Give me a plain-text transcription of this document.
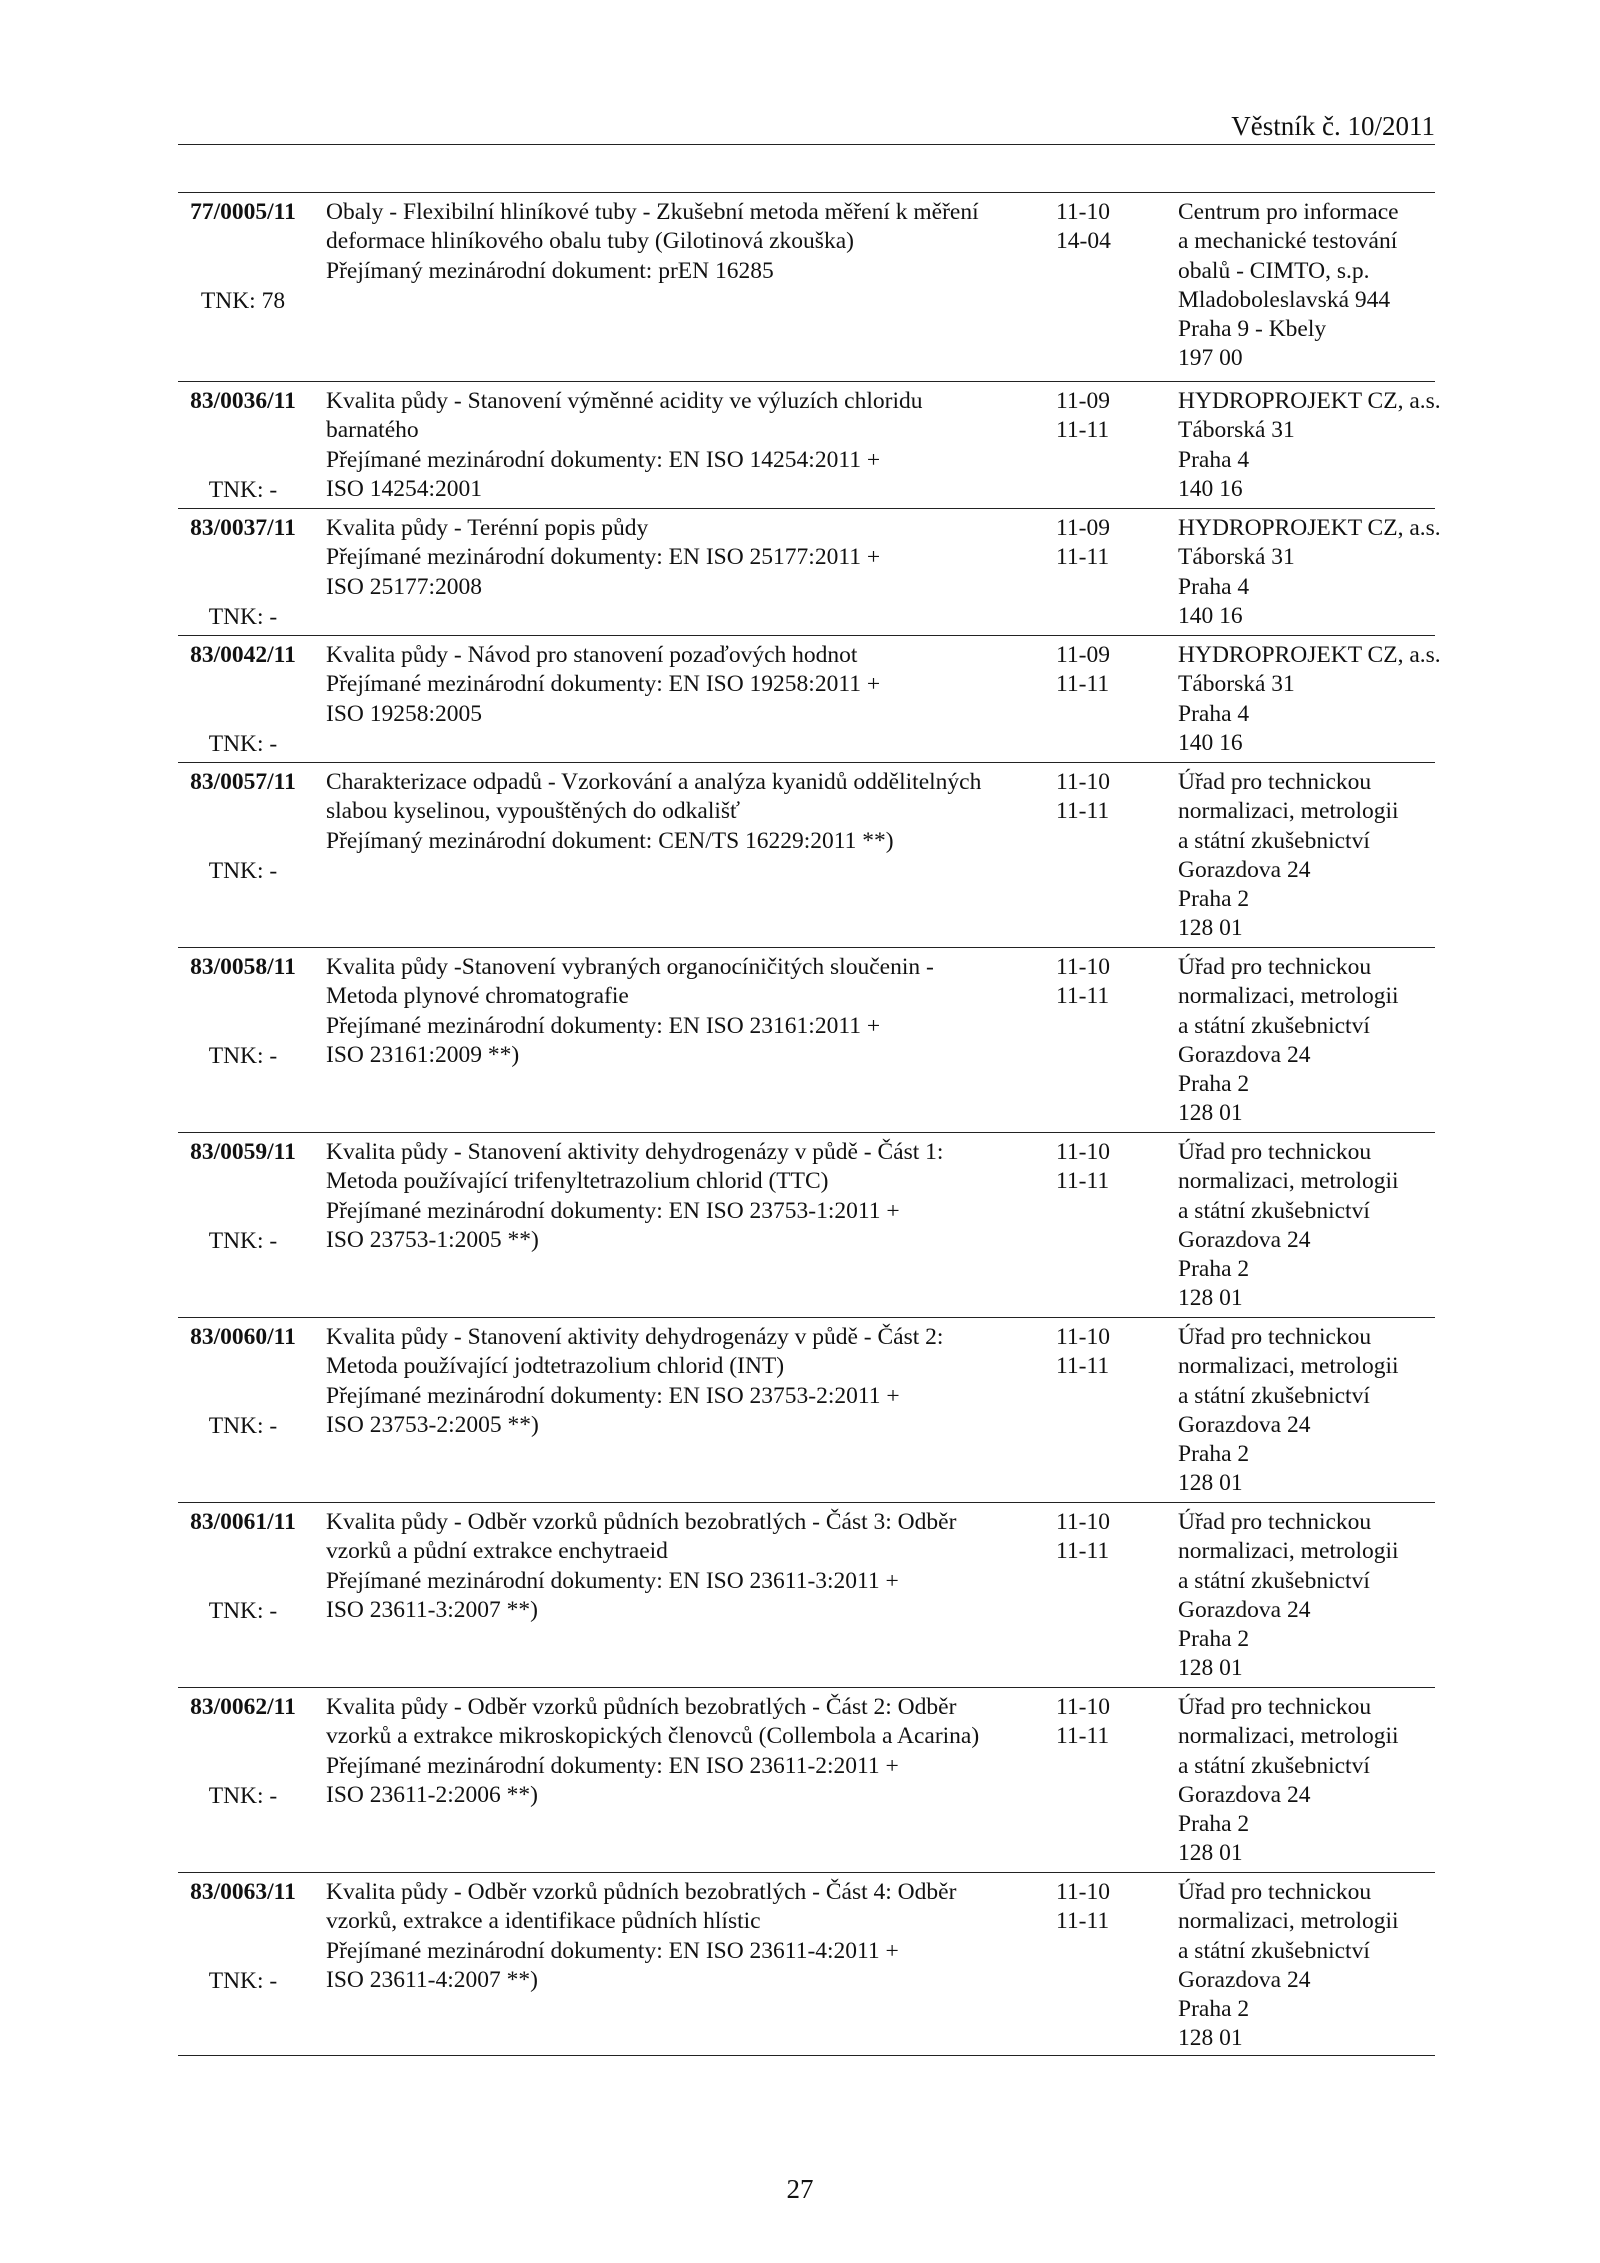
Věstník č. 10/2011
77/0005/11
TNK: 78
Obaly - Flexibilní hliníkové tuby - Zkušební metoda měření k měření
deformace hliníkového obalu tuby (Gilotinová zkouška)
Přejímaný mezinárodní dokument: prEN 16285
11-10
14-04
Centrum pro informace
a mechanické testování
obalů - CIMTO, s.p.
Mladoboleslavská 944
Praha 9 - Kbely
197 00
83/0036/11
TNK: -
Kvalita půdy - Stanovení výměnné acidity ve výluzích chloridu
barnatého
Přejímané mezinárodní dokumenty: EN ISO 14254:2011 +
ISO 14254:2001
11-09
11-11
HYDROPROJEKT CZ, a.s.
Táborská 31
Praha 4
140 16
83/0037/11
TNK: -
Kvalita půdy - Terénní popis půdy
Přejímané mezinárodní dokumenty: EN ISO 25177:2011 +
ISO 25177:2008
11-09
11-11
HYDROPROJEKT CZ, a.s.
Táborská 31
Praha 4
140 16
83/0042/11
TNK: -
Kvalita půdy - Návod pro stanovení pozaďových hodnot
Přejímané mezinárodní dokumenty: EN ISO 19258:2011 +
ISO 19258:2005
11-09
11-11
HYDROPROJEKT CZ, a.s.
Táborská 31
Praha 4
140 16
83/0057/11
TNK: -
Charakterizace odpadů - Vzorkování a analýza kyanidů oddělitelných
slabou kyselinou, vypouštěných do odkališť
Přejímaný mezinárodní dokument: CEN/TS 16229:2011 **)
11-10
11-11
Úřad pro technickou
normalizaci, metrologii
a státní zkušebnictví
Gorazdova 24
Praha 2
128 01
83/0058/11
TNK: -
Kvalita půdy -Stanovení vybraných organocíničitých sloučenin -
Metoda plynové chromatografie
Přejímané mezinárodní dokumenty: EN ISO 23161:2011 +
ISO 23161:2009 **)
11-10
11-11
Úřad pro technickou
normalizaci, metrologii
a státní zkušebnictví
Gorazdova 24
Praha 2
128 01
83/0059/11
TNK: -
Kvalita půdy - Stanovení aktivity dehydrogenázy v půdě - Část 1:
Metoda používající trifenyltetrazolium chlorid (TTC)
Přejímané mezinárodní dokumenty: EN ISO 23753-1:2011 +
ISO 23753-1:2005 **)
11-10
11-11
Úřad pro technickou
normalizaci, metrologii
a státní zkušebnictví
Gorazdova 24
Praha 2
128 01
83/0060/11
TNK: -
Kvalita půdy - Stanovení aktivity dehydrogenázy v půdě - Část 2:
Metoda používající jodtetrazolium chlorid (INT)
Přejímané mezinárodní dokumenty: EN ISO 23753-2:2011 +
ISO 23753-2:2005 **)
11-10
11-11
Úřad pro technickou
normalizaci, metrologii
a státní zkušebnictví
Gorazdova 24
Praha 2
128 01
83/0061/11
TNK: -
Kvalita půdy - Odběr vzorků půdních bezobratlých - Část 3: Odběr
vzorků a půdní extrakce enchytraeid
Přejímané mezinárodní dokumenty: EN ISO 23611-3:2011 +
ISO 23611-3:2007 **)
11-10
11-11
Úřad pro technickou
normalizaci, metrologii
a státní zkušebnictví
Gorazdova 24
Praha 2
128 01
83/0062/11
TNK: -
Kvalita půdy - Odběr vzorků půdních bezobratlých - Část 2: Odběr
vzorků a extrakce mikroskopických členovců (Collembola a Acarina)
Přejímané mezinárodní dokumenty: EN ISO 23611-2:2011 +
ISO 23611-2:2006 **)
11-10
11-11
Úřad pro technickou
normalizaci, metrologii
a státní zkušebnictví
Gorazdova 24
Praha 2
128 01
83/0063/11
TNK: -
Kvalita půdy - Odběr vzorků půdních bezobratlých - Část 4: Odběr
vzorků, extrakce a identifikace půdních hlístic
Přejímané mezinárodní dokumenty: EN ISO 23611-4:2011 +
ISO 23611-4:2007 **)
11-10
11-11
Úřad pro technickou
normalizaci, metrologii
a státní zkušebnictví
Gorazdova 24
Praha 2
128 01
27
